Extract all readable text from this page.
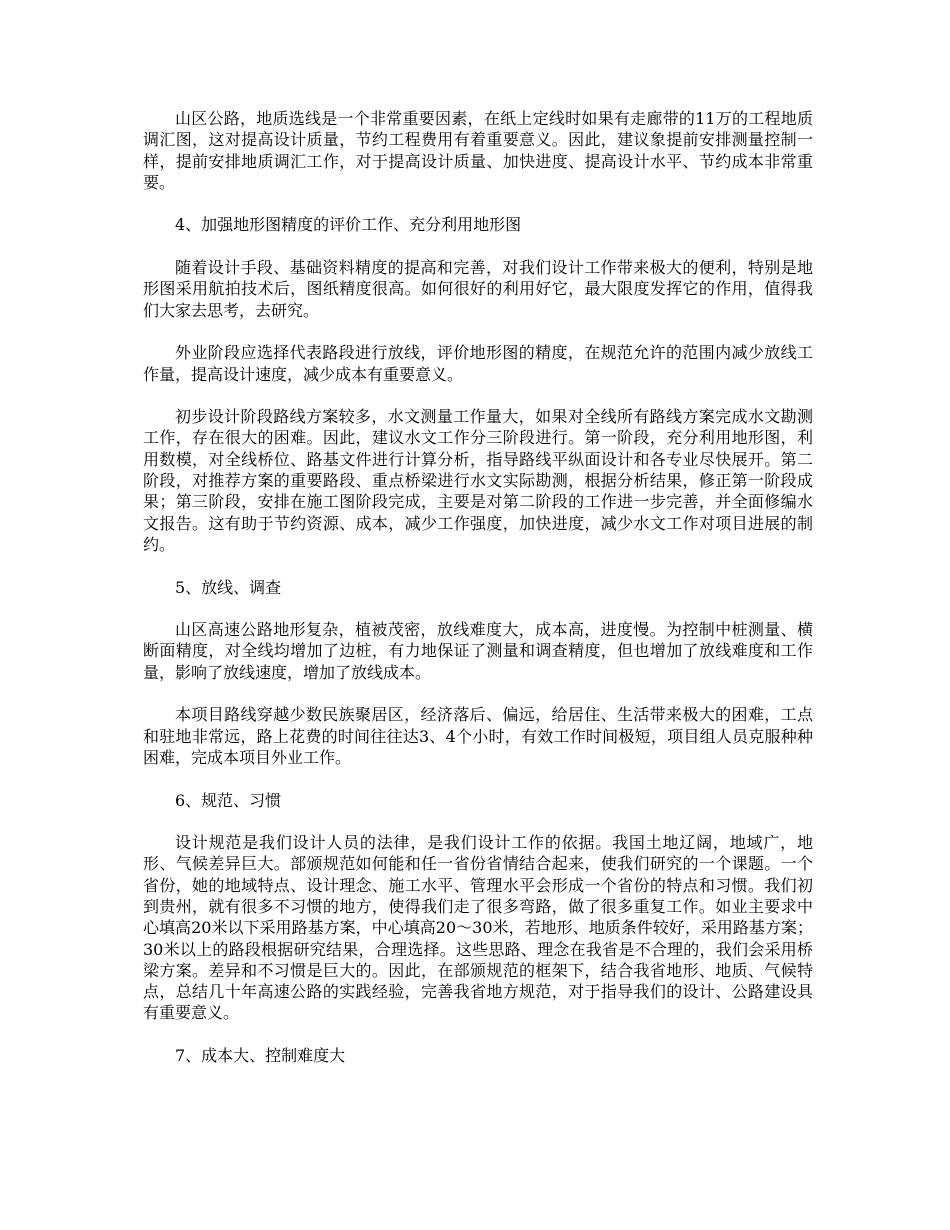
山区公路，地质选线是一个非常重要因素，在纸上定线时如果有走廊带的11万的工程地质调汇图，这对提高设计质量，节约工程费用有着重要意义。因此，建议象提前安排测量控制一样，提前安排地质调汇工作，对于提高设计质量、加快进度、提高设计水平、节约成本非常重要。

4、加强地形图精度的评价工作、充分利用地形图

随着设计手段、基础资料精度的提高和完善，对我们设计工作带来极大的便利，特别是地形图采用航拍技术后，图纸精度很高。如何很好的利用好它，最大限度发挥它的作用，值得我们大家去思考，去研究。

外业阶段应选择代表路段进行放线，评价地形图的精度，在规范允许的范围内减少放线工作量，提高设计速度，减少成本有重要意义。

初步设计阶段路线方案较多，水文测量工作量大，如果对全线所有路线方案完成水文勘测工作，存在很大的困难。因此，建议水文工作分三阶段进行。第一阶段，充分利用地形图，利用数模，对全线桥位、路基文件进行计算分析，指导路线平纵面设计和各专业尽快展开。第二阶段，对推荐方案的重要路段、重点桥梁进行水文实际勘测，根据分析结果，修正第一阶段成果；第三阶段，安排在施工图阶段完成，主要是对第二阶段的工作进一步完善，并全面修编水文报告。这有助于节约资源、成本，减少工作强度，加快进度，减少水文工作对项目进展的制约。

5、放线、调查

山区高速公路地形复杂，植被茂密，放线难度大，成本高，进度慢。为控制中桩测量、横断面精度，对全线均增加了边桩，有力地保证了测量和调查精度，但也增加了放线难度和工作量，影响了放线速度，增加了放线成本。

本项目路线穿越少数民族聚居区，经济落后、偏远，给居住、生活带来极大的困难，工点和驻地非常远，路上花费的时间往往达3、4个小时，有效工作时间极短，项目组人员克服种种困难，完成本项目外业工作。

6、规范、习惯

设计规范是我们设计人员的法律，是我们设计工作的依据。我国土地辽阔，地域广，地形、气候差异巨大。部颁规范如何能和任一省份省情结合起来，使我们研究的一个课题。一个省份，她的地域特点、设计理念、施工水平、管理水平会形成一个省份的特点和习惯。我们初到贵州，就有很多不习惯的地方，使得我们走了很多弯路，做了很多重复工作。如业主要求中心填高20米以下采用路基方案，中心填高20～30米，若地形、地质条件较好，采用路基方案；30米以上的路段根据研究结果，合理选择。这些思路、理念在我省是不合理的，我们会采用桥梁方案。差异和不习惯是巨大的。因此，在部颁规范的框架下，结合我省地形、地质、气候特点，总结几十年高速公路的实践经验，完善我省地方规范，对于指导我们的设计、公路建设具有重要意义。

7、成本大、控制难度大
